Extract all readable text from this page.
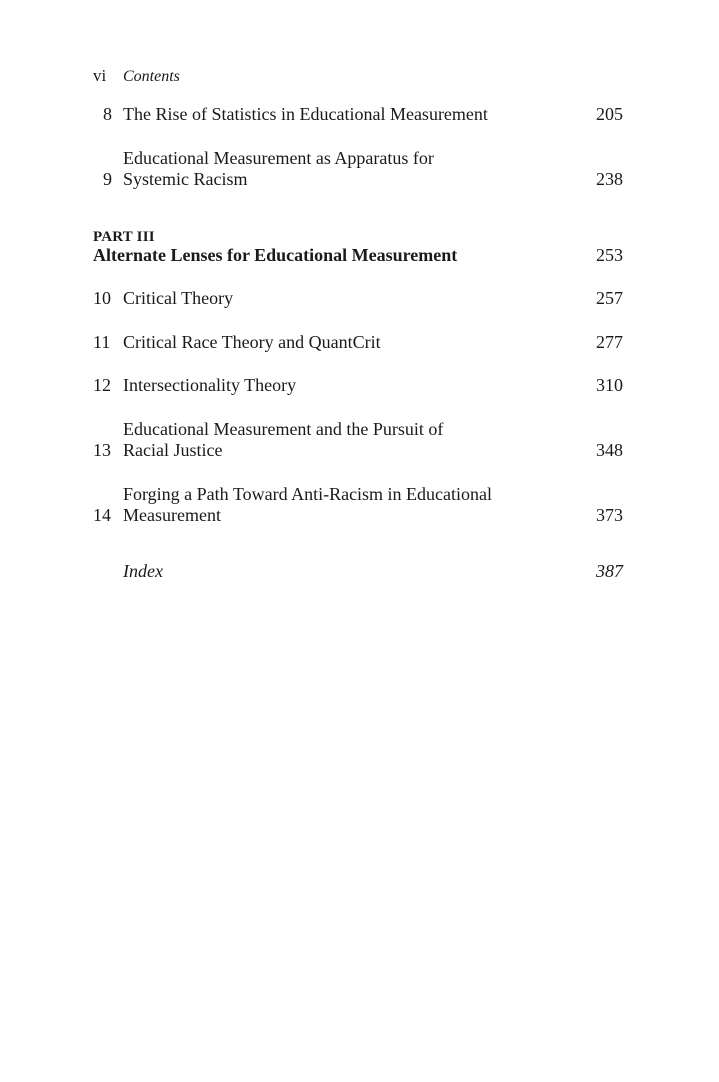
vi Contents
8 The Rise of Statistics in Educational Measurement	205
9
Educational Measurement as Apparatus for
Systemic Racism	238
PART III
Alternate Lenses for Educational Measurement	253
10 Critical Theory	257
11 Critical Race Theory and QuantCrit	277
12 Intersectionality Theory	310
13
Educational Measurement and the Pursuit of
Racial Justice	348
14
Forging a Path Toward Anti-Racism in Educational
Measurement	373
Index	387
